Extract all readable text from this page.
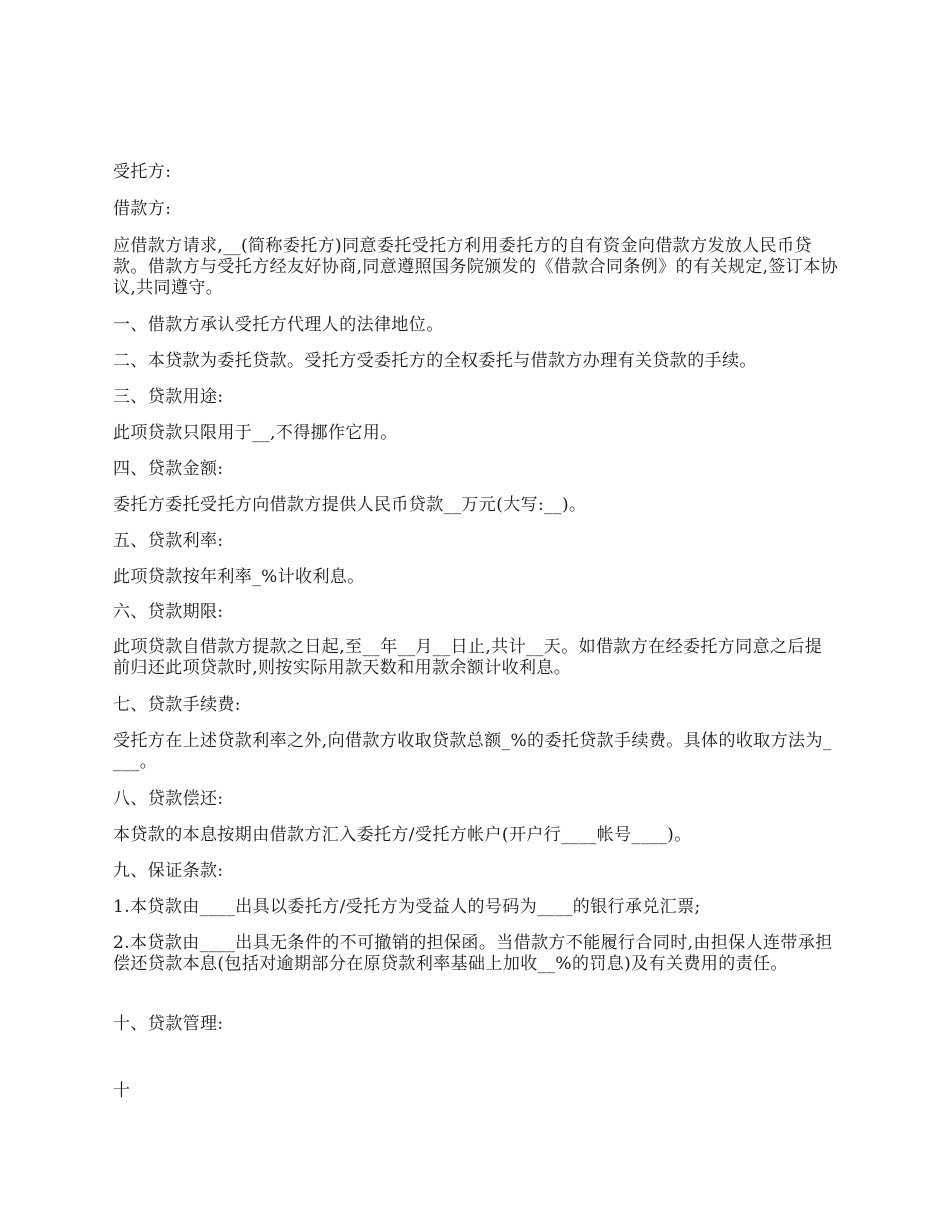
受托方:

借款方:

应借款方请求,__(简称委托方)同意委托受托方利用委托方的自有资金向借款方发放人民币贷款。借款方与受托方经友好协商,同意遵照国务院颁发的《借款合同条例》的有关规定,签订本协议,共同遵守。

一、借款方承认受托方代理人的法律地位。

二、本贷款为委托贷款。受托方受委托方的全权委托与借款方办理有关贷款的手续。

三、贷款用途:

此项贷款只限用于__,不得挪作它用。

四、贷款金额:

委托方委托受托方向借款方提供人民币贷款__万元(大写:__)。

五、贷款利率:

此项贷款按年利率_%计收利息。

六、贷款期限:

此项贷款自借款方提款之日起,至__年__月__日止,共计__天。如借款方在经委托方同意之后提前归还此项贷款时,则按实际用款天数和用款余额计收利息。

七、贷款手续费:

受托方在上述贷款利率之外,向借款方收取贷款总额_%的委托贷款手续费。具体的收取方法为____。

八、贷款偿还:

本贷款的本息按期由借款方汇入委托方/受托方帐户(开户行____帐号____)。

九、保证条款:

1.本贷款由____出具以委托方/受托方为受益人的号码为____的银行承兑汇票;

2.本贷款由____出具无条件的不可撤销的担保函。当借款方不能履行合同时,由担保人连带承担偿还贷款本息(包括对逾期部分在原贷款利率基础上加收__%的罚息)及有关费用的责任。

十、贷款管理:

十
